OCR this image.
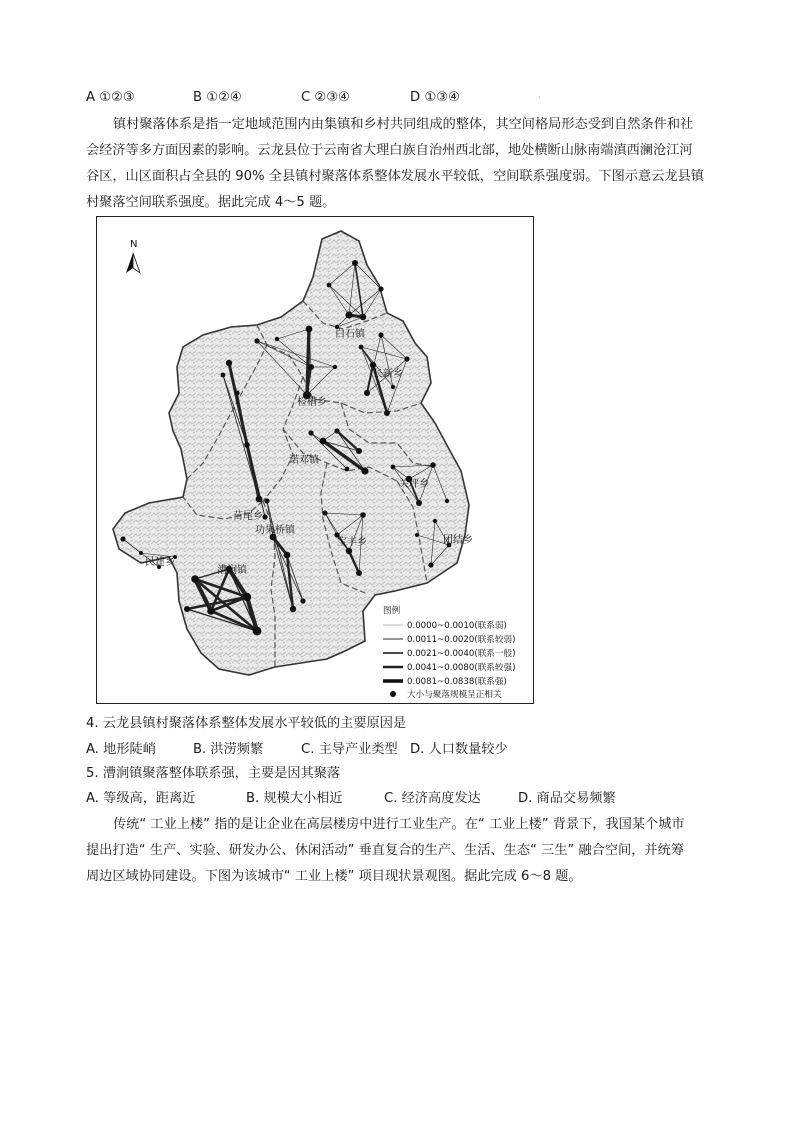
A ①②③	B ①②④	C ②③④	D ①③④	·
镇村聚落体系是指一定地域范围内由集镇和乡村共同组成的整体，其空间格局形态受到自然条件和社
会经济等多方面因素的影响。云龙县位于云南省大理白族自治州西北部，地处横断山脉南端滇西澜沧江河
谷区，山区面积占全县的 90% 全县镇村聚落体系整体发展水平较低，空间联系强度弱。下图示意云龙县镇
村聚落空间联系强度。据此完成 4～5 题。
N
白石镇
长新乡
检槽乡
诺邓镇
关坪乡
苗尾乡
团结乡
宝丰乡
功果桥镇
民建乡
漕涧镇
图例
0.0000~0.0010(联系弱)
0.0011~0.0020(联系较弱)
0.0021~0.0040(联系一般)
0.0041~0.0080(联系较强)
0.0081~0.0838(联系强)
大小与聚落规模呈正相关
4. 云龙县镇村聚落体系整体发展水平较低的主要原因是
A. 地形陡峭	B. 洪涝频繁	C. 主导产业类型 D. 人口数量较少
5. 漕涧镇聚落整体联系强，主要是因其聚落
A. 等级高，距离近	B. 规模大小相近	C. 经济高度发达	D. 商品交易频繁
传统“ 工业上楼” 指的是让企业在高层楼房中进行工业生产。在“ 工业上楼” 背景下，我国某个城市
提出打造“ 生产、实验、研发办公、休闲活动” 垂直复合的生产、生活、生态“ 三生” 融合空间，并统筹
周边区域协同建设。下图为该城市“ 工业上楼” 项目现状景观图。据此完成 6～8 题。
